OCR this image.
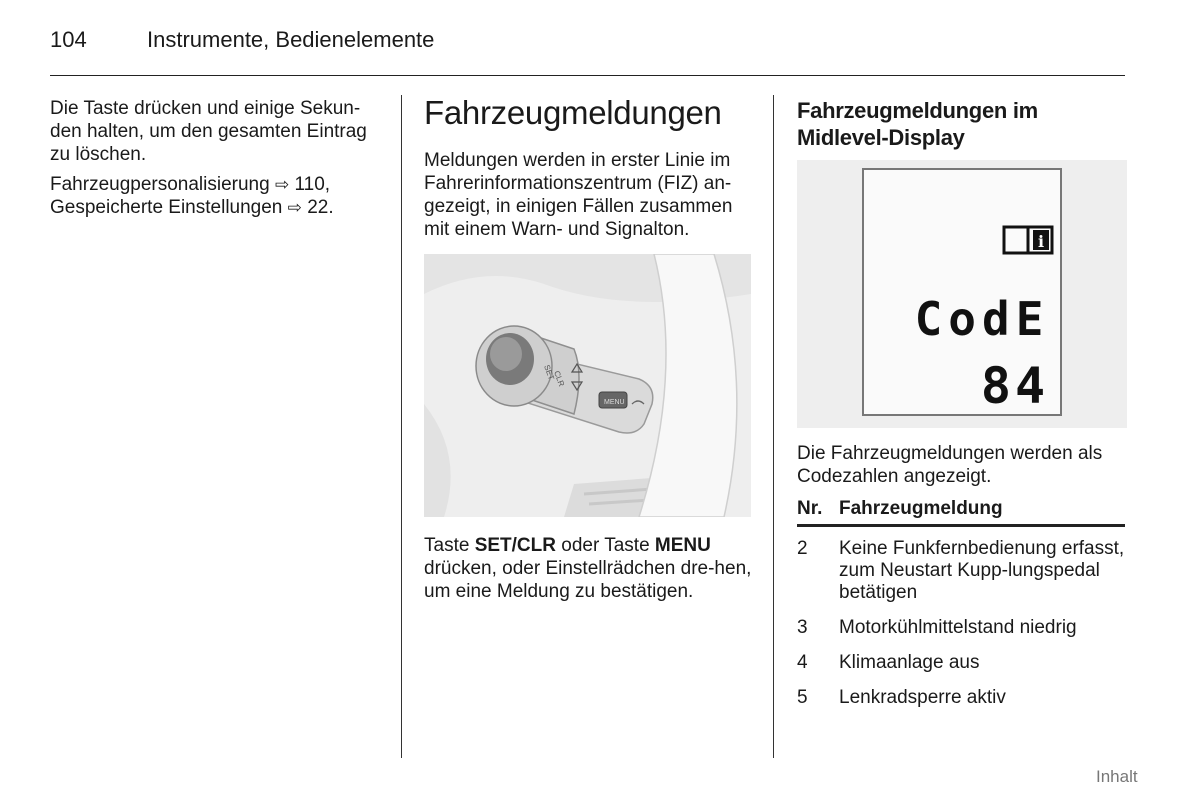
104	Instrumente, Bedienelemente

Die Taste drücken und einige Sekun-den halten, um den gesamten Eintrag zu löschen.

Fahrzeugpersonalisierung ⇨ 110,
Gespeicherte Einstellungen ⇨ 22.

Fahrzeugmeldungen

Meldungen werden in erster Linie im Fahrerinformationszentrum (FIZ) an-gezeigt, in einigen Fällen zusammen mit einem Warn- und Signalton.

SET
CLR
MENU
Taste SET/CLR oder Taste MENU drücken, oder Einstellrädchen dre-hen, um eine Meldung zu bestätigen.
Fahrzeugmeldungen im Midlevel-Display
i
CodE
84
Die Fahrzeugmeldungen werden als Codezahlen angezeigt.
Nr. Fahrzeugmeldung
2 Keine Funkfernbedienung erfasst, zum Neustart Kupp-lungspedal betätigen
3 Motorkühlmittelstand niedrig
4 Klimaanlage aus
5 Lenkradsperre aktiv
Inhalt
